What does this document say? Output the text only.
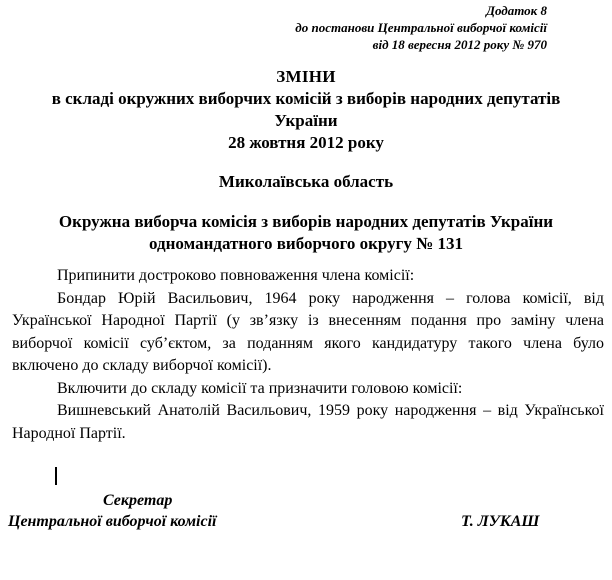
Додаток 8
до постанови Центральної виборчої комісії
від 18 вересня 2012 року № 970
ЗМІНИ
в складі окружних виборчих комісій з виборів народних депутатів
України
28 жовтня 2012 року
Миколаївська область
Окружна виборча комісія з виборів народних депутатів України
одномандатного виборчого округу № 131

Припинити достроково повноваження члена комісії:

Бондар Юрій Васильович, 1964 року народження – голова комісії, від Української Народної Партії (у зв’язку із внесенням подання про заміну члена виборчої комісії суб’єктом, за поданням якого кандидатуру такого члена було включено до складу виборчої комісії).

Включити до складу комісії та призначити головою комісії:

Вишневський Анатолій Васильович, 1959 року народження – від Української Народної Партії.

Секретар
Центральної виборчої комісії	Т. ЛУКАШ
